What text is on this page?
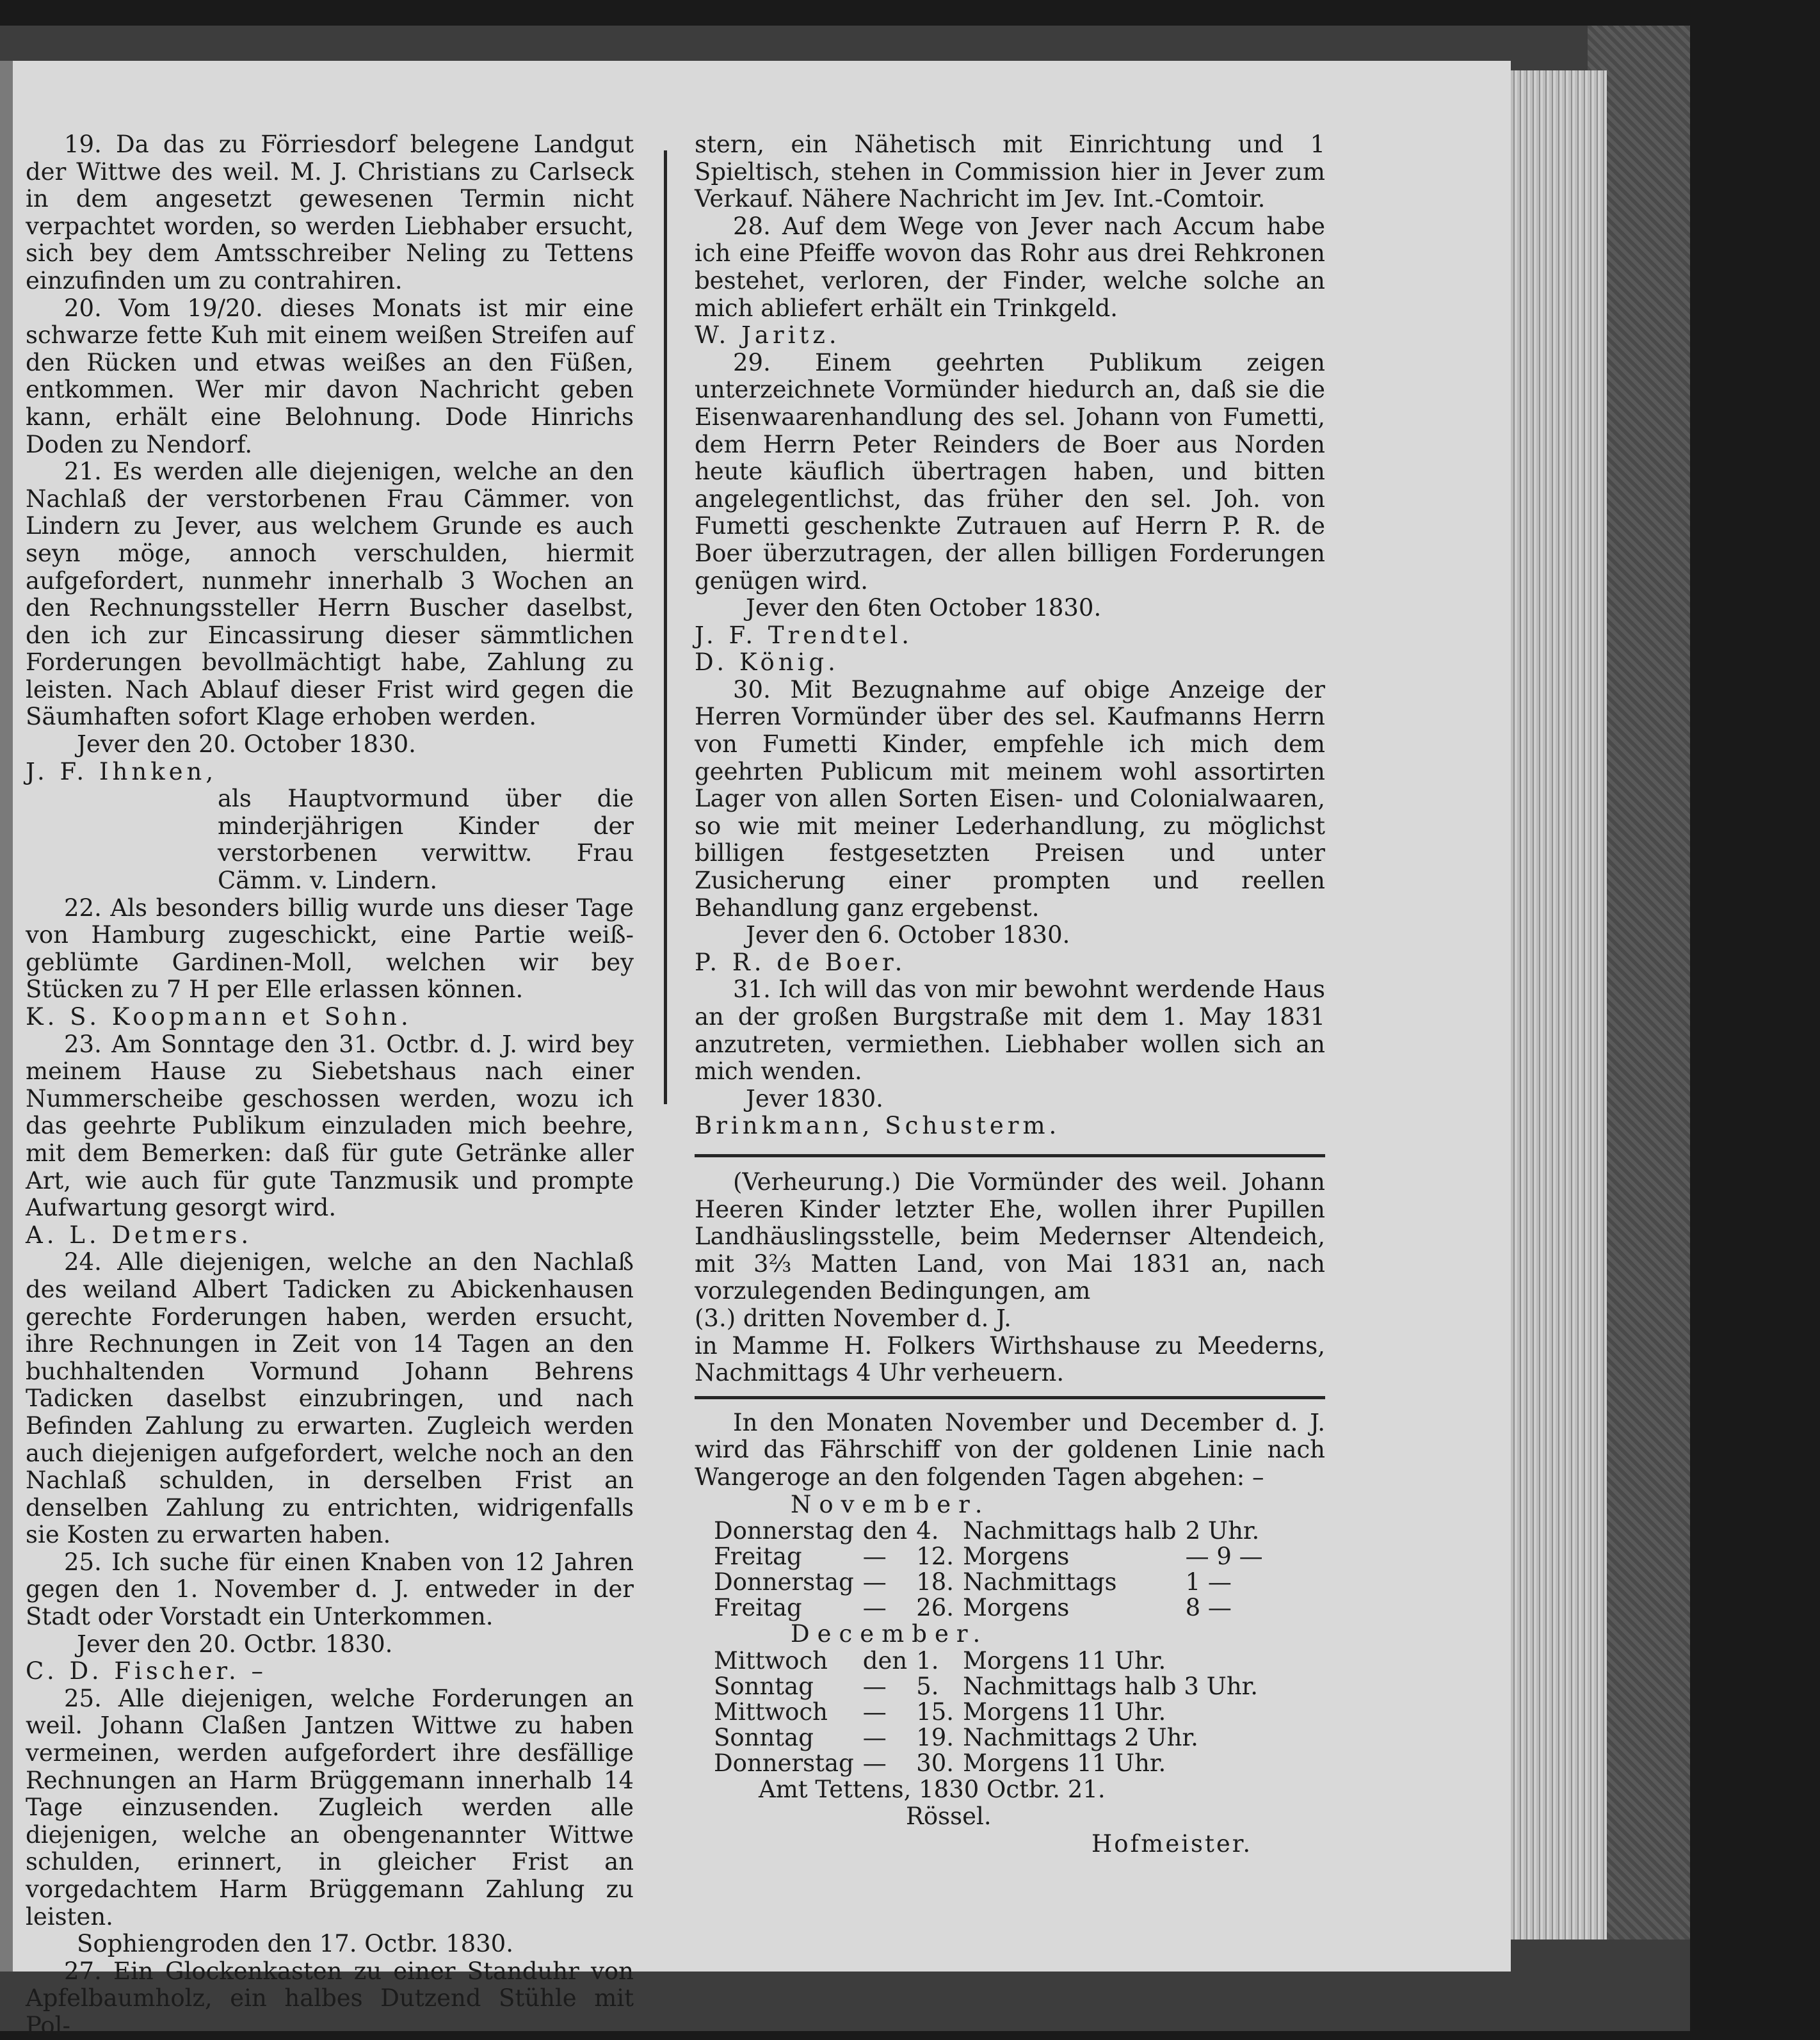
19. Da das zu Förriesdorf belegene Landgut der Wittwe des weil. M. J. Christians zu Carlseck in dem angesetzt gewesenen Termin nicht verpachtet worden, so werden Liebhaber ersucht, sich bey dem Amtsschreiber Neling zu Tettens einzufinden um zu contrahiren.

20. Vom 19/20. dieses Monats ist mir eine schwarze fette Kuh mit einem weißen Streifen auf den Rücken und etwas weißes an den Füßen, entkommen. Wer mir davon Nachricht geben kann, erhält eine Belohnung. Dode Hinrichs Doden zu Nendorf.

21. Es werden alle diejenigen, welche an den Nachlaß der verstorbenen Frau Cämmer. von Lindern zu Jever, aus welchem Grunde es auch seyn möge, annoch verschulden, hiermit aufgefordert, nunmehr innerhalb 3 Wochen an den Rechnungssteller Herrn Buscher daselbst, den ich zur Eincassirung dieser sämmtlichen Forderungen bevollmächtigt habe, Zahlung zu leisten. Nach Ablauf dieser Frist wird gegen die Säumhaften sofort Klage erhoben werden.

Jever den 20. October 1830.

J. F. Ihnken,

als Hauptvormund über die minderjährigen Kinder der verstorbenen verwittw. Frau Cämm. v. Lindern.

22. Als besonders billig wurde uns dieser Tage von Hamburg zugeschickt, eine Partie weiß-geblümte Gardinen-Moll, welchen wir bey Stücken zu 7 H per Elle erlassen können.

K. S. Koopmann et Sohn.

23. Am Sonntage den 31. Octbr. d. J. wird bey meinem Hause zu Siebetshaus nach einer Nummerscheibe geschossen werden, wozu ich das geehrte Publikum einzuladen mich beehre, mit dem Bemerken: daß für gute Getränke aller Art, wie auch für gute Tanzmusik und prompte Aufwartung gesorgt wird.

A. L. Detmers.

24. Alle diejenigen, welche an den Nachlaß des weiland Albert Tadicken zu Abickenhausen gerechte Forderungen haben, werden ersucht, ihre Rechnungen in Zeit von 14 Tagen an den buchhaltenden Vormund Johann Behrens Tadicken daselbst einzubringen, und nach Befinden Zahlung zu erwarten. Zugleich werden auch diejenigen aufgefordert, welche noch an den Nachlaß schulden, in derselben Frist an denselben Zahlung zu entrichten, widrigenfalls sie Kosten zu erwarten haben.

25. Ich suche für einen Knaben von 12 Jahren gegen den 1. November d. J. entweder in der Stadt oder Vorstadt ein Unterkommen.

Jever den 20. Octbr. 1830.

C. D. Fischer. –

25. Alle diejenigen, welche Forderungen an weil. Johann Claßen Jantzen Wittwe zu haben vermeinen, werden aufgefordert ihre desfällige Rechnungen an Harm Brüggemann innerhalb 14 Tage einzusenden. Zugleich werden alle diejenigen, welche an obengenannter Wittwe schulden, erinnert, in gleicher Frist an vorgedachtem Harm Brüggemann Zahlung zu leisten.

Sophiengroden den 17. Octbr. 1830.

27. Ein Glockenkasten zu einer Standuhr von Apfelbaumholz, ein halbes Dutzend Stühle mit Pol-

stern, ein Nähetisch mit Einrichtung und 1 Spieltisch, stehen in Commission hier in Jever zum Verkauf. Nähere Nachricht im Jev. Int.-Comtoir.

28. Auf dem Wege von Jever nach Accum habe ich eine Pfeiffe wovon das Rohr aus drei Rehkronen bestehet, verloren, der Finder, welche solche an mich abliefert erhält ein Trinkgeld.

W. Jaritz.

29. Einem geehrten Publikum zeigen unterzeichnete Vormünder hiedurch an, daß sie die Eisenwaarenhandlung des sel. Johann von Fumetti, dem Herrn Peter Reinders de Boer aus Norden heute käuflich übertragen haben, und bitten angelegentlichst, das früher den sel. Joh. von Fumetti geschenkte Zutrauen auf Herrn P. R. de Boer überzutragen, der allen billigen Forderungen genügen wird.

Jever den 6ten October 1830.

J. F. Trendtel.

D. König.

30. Mit Bezugnahme auf obige Anzeige der Herren Vormünder über des sel. Kaufmanns Herrn von Fumetti Kinder, empfehle ich mich dem geehrten Publicum mit meinem wohl assortirten Lager von allen Sorten Eisen- und Colonialwaaren, so wie mit meiner Lederhandlung, zu möglichst billigen festgesetzten Preisen und unter Zusicherung einer prompten und reellen Behandlung ganz ergebenst.

Jever den 6. October 1830.

P. R. de Boer.

31. Ich will das von mir bewohnt werdende Haus an der großen Burgstraße mit dem 1. May 1831 anzutreten, vermiethen. Liebhaber wollen sich an mich wenden.

Jever 1830.

Brinkmann, Schusterm.

(Verheurung.) Die Vormünder des weil. Johann Heeren Kinder letzter Ehe, wollen ihrer Pupillen Landhäuslingsstelle, beim Medernser Altendeich, mit 3⅔ Matten Land, von Mai 1831 an, nach vorzulegenden Bedingungen, am

(3.) dritten November d. J.

in Mamme H. Folkers Wirthshause zu Meederns, Nachmittags 4 Uhr verheuern.

In den Monaten November und December d. J. wird das Fährschiff von der goldenen Linie nach Wangeroge an den folgenden Tagen abgehen: –

November.

Donnerstag	den	4.	Nachmittags halb	2 Uhr.
Freitag	—	12.	Morgens	— 9 —
Donnerstag	—	18.	Nachmittags	1 —
Freitag	—	26.	Morgens	8 —

December.

Mittwoch	den	1.	Morgens 11 Uhr.	
Sonntag	—	5.	Nachmittags halb 3 Uhr.	
Mittwoch	—	15.	Morgens 11 Uhr.	
Sonntag	—	19.	Nachmittags 2 Uhr.	
Donnerstag	—	30.	Morgens 11 Uhr.	

Amt Tettens, 1830 Octbr. 21.

Rössel.

Hofmeister.
